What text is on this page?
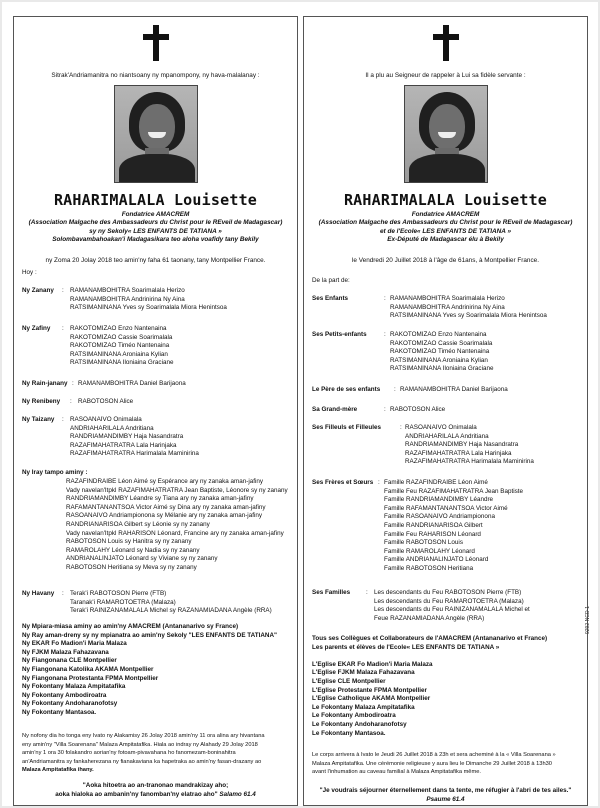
Sitrak'Andriamanitra no niantsoany ny mpanompony, ny hava-malalanay :
RAHARIMALALA Louisette
Fondatrice AMACREM
(Association Malgache des Ambassadeurs du Christ pour le REveil de Madagascar)
sy ny Sekoly« LES ENFANTS DE TATIANA »
Solombavambahoakan'i Madagasikara teo aloha voafidy tany Bekily
ny Zoma 20 Jolay 2018 teo amin'ny faha 61 taonany, tany Montpellier France.
Hoy :
Ny Zanany : RAMANAMBOHITRA Soarimalala Herizo
RAMANAMBOHITRA Andrinirina Ny Aina
RATSIMANINANA Yves sy Soarimalala Miora Henintsoa
Ny Zafiny : RAKOTOMIZAO Enzo Nantenaina
RAKOTOMIZAO Cassie Soarimalala
RAKOTOMIZAO Timéo Nantenaina
RATSIMANINANA Aroniaina Kylian
RATSIMANINANA Iloniaina Graciane
Ny Rain-janany : RAMANAMBOHITRA Daniel Barijaona
Ny Renibeny : RABOTOSON Alice
Ny Taizany : RASOANAIVO Onimalala
ANDRIAHARILALA Andritiana
RANDRIAMANDIMBY Haja Nasandratra
RAZAFIMAHATRATRA Lala Harinjaka
RAZAFIMAHATRATRA Harimalala Maminirina
Ny Iray tampo aminy :
RAZAFINDRAIBE Léon Aimé sy Espérance ary ny zanaka aman-jafiny
Vady navelan'Itpkl RAZAFIMAHATRATRA Jean Baptiste, Léonore sy ny zanany
RANDRIAMANDIMBY Léandre sy Tiana ary ny zanaka aman-jafiny
RAFAMANTANANTSOA Victor Aimé sy Dina ary ny zanaka aman-jafiny
RASOANAIVO Andriampionona sy Mélanie ary ny zanaka aman-jafiny
RANDRIANARISOA Gilbert sy Léonie sy ny zanany
Vady navelan'Itpkl RAHARISON Léonard, Francine ary ny zanaka aman-jafiny
RABOTOSON Louis sy Hanitra sy ny zanany
RAMAROLAHY Léonard sy Nadia sy ny zanany
ANDRIANALINJATO Léonard sy Viviane sy ny zanany
RABOTOSON Heritiana sy Meva sy ny zanany
Ny Havany : Terak'i RABOTOSON Pierre (FTB)
Taranak'i RAMAROTOETRA (Malaza)
Terak'i RAINIZANAMALALA Michel sy RAZANAMIADANA Angèle (RRA)
Ny Mpiara-miasa aminy ao amin'ny AMACREM (Antananarivo sy France)
Ny Ray aman-dreny sy ny mpianatra ao amin'ny Sekoly "LES ENFANTS DE TATIANA"
Ny EKAR Fo Madion'i Maria Malaza
Ny FJKM Malaza Fahazavana
Ny Fiangonana CLE Montpellier
Ny Fiangonana Katolika AKAMA Montpellier
Ny Fiangonana Protestanta FPMA Montpellier
Ny Fokontany Malaza Ampitatafika
Ny Fokontany Ambodiroatra
Ny Fokontany Andoharanofotsy
Ny Fokontany Mantasoa.
Ny nofony dia ho tonga eny Ivato ny Alakamisy 26 Jolay 2018 amin'ny 11 ora alina ary hivantana
eny amin'ny "Villa Soarenana" Malaza Ampitatafika. Hiala ao indray ny Alahady 29 Jolay 2018
amin'ny 1 ora 30 folakandro aorian'ny fotoam-pivavahana ho fanomezam-boninahitra
an'Andriamanitra sy fankaherezana ny fianakaviana ka hapetraka ao amin'ny fasan-drazany ao
Malaza Ampitatafika ihany.
"Aoka hitoetra ao an-tranonao mandrakizay aho;
aoka hialoka ao ambanin'ny fanomban'ny elatrao aho" Salamo 61.4
Il a plu au Seigneur de rappeler à Lui sa fidèle servante :
RAHARIMALALA Louisette
Fondatrice AMACREM
(Association Malgache des Ambassadeurs du Christ pour le REveil de Madagascar)
et de l'Ecole« LES ENFANTS DE TATIANA »
Ex-Député de Madagascar élu à Bekily
le Vendredi 20 Juillet 2018 à l'âge de 61ans, à Montpellier France.
De la part de:
Ses Enfants	: RAMANAMBOHITRA Soarimalala Herizo
RAMANAMBOHITRA Andrinirina Ny Aina
RATSIMANINANA Yves sy Soarimalala Miora Henintsoa
Ses Petits-enfants	: RAKOTOMIZAO Enzo Nantenaina
RAKOTOMIZAO Cassie Soarimalala
RAKOTOMIZAO Timéo Nantenaina
RATSIMANINANA Aroniaina Kylian
RATSIMANINANA Iloniaina Graciane
Le Père de ses enfants : RAMANAMBOHITRA Daniel Barijaona
Sa Grand-mère	: RABOTOSON Alice
Ses Filleuls et Filleules	: RASOANAIVO Onimalala
ANDRIAHARILALA Andritiana
RANDRIAMANDIMBY Haja Nasandratra
RAZAFIMAHATRATRA Lala Harinjaka
RAZAFIMAHATRATRA Harimalala Maminirina
Ses Frères et Sœurs : Famille RAZAFINDRAIBE Léon Aimé
Famille Feu RAZAFIMAHATRATRA Jean Baptiste
Famille RANDRIAMANDIMBY Léandre
Famille RAFAMANTANANTSOA Victor Aimé
Famille RASOANAIVO Andriampionona
Famille RANDRIANARISOA Gilbert
Famille Feu RAHARISON Léonard
Famille RABOTOSON Louis
Famille RAMAROLAHY Léonard
Famille ANDRIANALINJATO Léonard
Famille RABOTOSON Heritiana
Ses Familles	: Les descendants du Feu RABOTOSON Pierre (FTB)
Les descendants du Feu RAMAROTOETRA (Malaza)
Les descendants du Feu RAINIZANAMALALA Michel et
Feue RAZANAMIADANA Angèle (RRA)
Tous ses Collègues et Collaborateurs de l'AMACREM (Antananarivo et France)
Les parents et élèves de l'Ecole« LES ENFANTS DE TATIANA »
L'Eglise EKAR Fo Madion'i Maria Malaza
L'Eglise FJKM Malaza Fahazavana
L'Eglise CLE Montpellier
L'Eglise Protestante FPMA Montpellier
L'Eglise Catholique AKAMA Montpellier
Le Fokontany Malaza Ampitatafika
Le Fokontany Ambodiroatra
Le Fokontany Andoharanofotsy
Le Fokontany Mantasoa.
Le corps arrivera à Ivato le Jeudi 26 Juillet 2018 à 23h et sera acheminé à la « Villa Soarenana »
Malaza Ampitatafika. Une cérémonie religieuse y aura lieu le Dimanche 29 Juillet 2018 à 13h30
avant l'inhumation au caveau familial à Malaza Ampitatafika même.
"Je voudrais séjourner éternellement dans ta tente, me réfugier à l'abri de tes ailes."
Psaume 61.4
9292-NCD-1
